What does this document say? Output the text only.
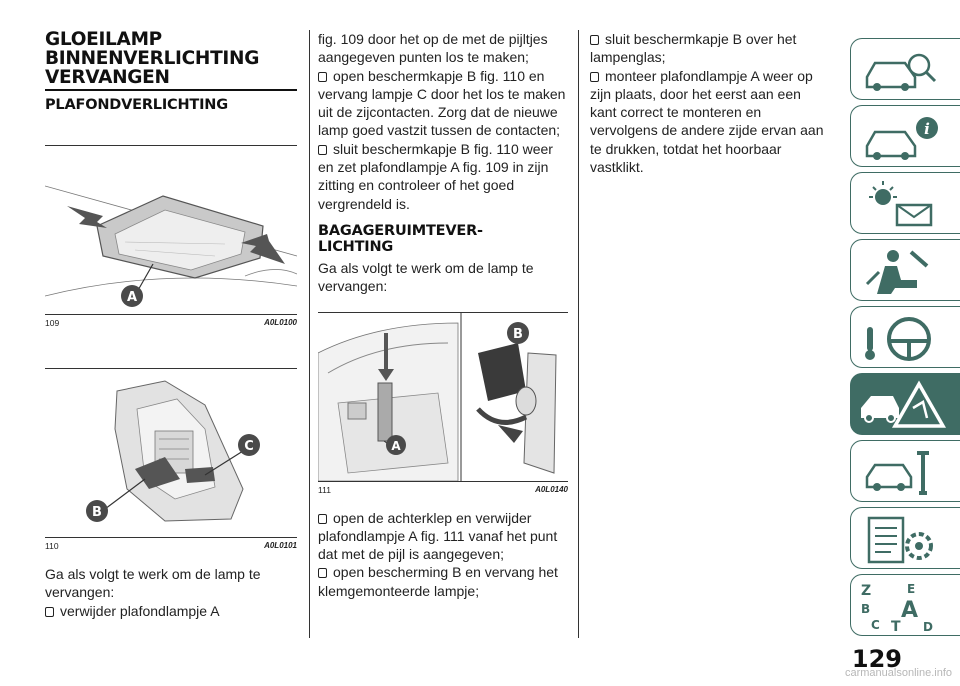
GLOEILAMP BINNENVERLICHTING VERVANGEN
PLAFONDVERLICHTING
A
109	A0L0100
B
C
110	A0L0101

Ga als volgt te werk om de lamp te vervangen:

verwijder plafondlampje A

fig. 109 door het op de met de pijltjes aangegeven punten los te maken;

open beschermkapje B fig. 110 en vervang lampje C door het los te maken uit de zijcontacten. Zorg dat de nieuwe lamp goed vastzit tussen de contacten;

sluit beschermkapje B fig. 110 weer en zet plafondlampje A fig. 109 in zijn zitting en controleer of het goed vergrendeld is.

BAGAGERUIMTEVER- LICHTING

Ga als volgt te werk om de lamp te vervangen:

A
B
111	A0L0140

open de achterklep en verwijder plafondlampje A fig. 111 vanaf het punt dat met de pijl is aangegeven;

open bescherming B en vervang het klemgemonteerde lampje;

sluit beschermkapje B over het lampenglas;

monteer plafondlampje A weer op zijn plaats, door het eerst aan een kant correct te monteren en vervolgens de andere zijde ervan aan te drukken, totdat het hoorbaar vastklikt.

i
Z	E
B A
C T D
129
carmanualsonline.info
